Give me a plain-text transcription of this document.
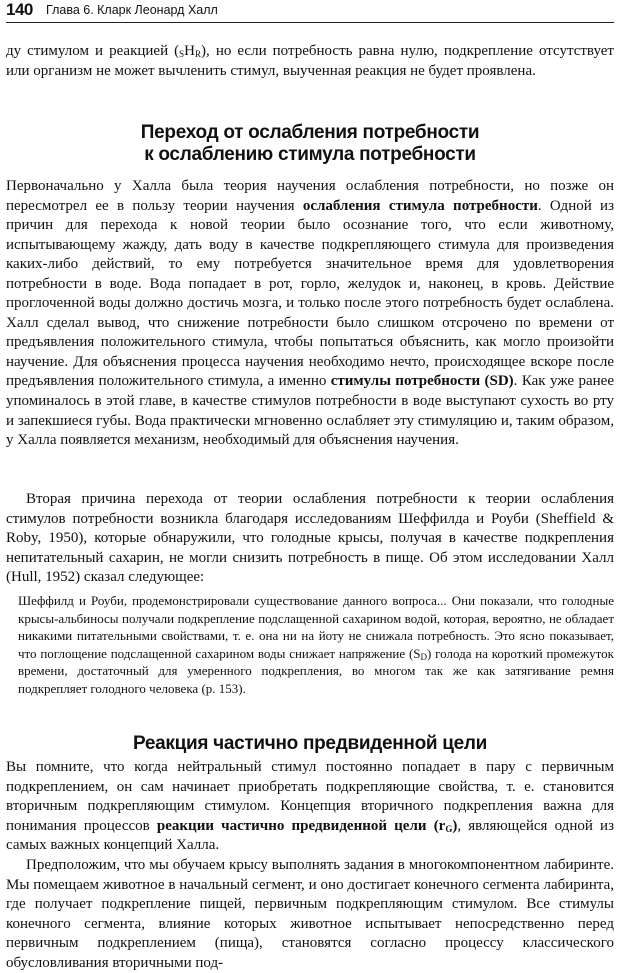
140 Глава 6. Кларк Леонард Халл

ду стимулом и реакцией $(_SH_R)$, но если потребность равна нулю, подкрепление отсутствует или организм не может вычленить стимул, выученная реакция не будет проявлена.

Переход от ослабления потребности
к ослаблению стимула потребности

Первоначально у Халла была теория научения ослабления потребности, но позже он пересмотрел ее в пользу теории научения ослабления стимула потребности. Одной из причин для перехода к новой теории было осознание того, что если животному, испытывающему жажду, дать воду в качестве подкрепляющего стимула для произведения каких-либо действий, то ему потребуется значительное время для удовлетворения потребности в воде. Вода попадает в рот, горло, желудок и, наконец, в кровь. Действие проглоченной воды должно достичь мозга, и только после этого потребность будет ослаблена. Халл сделал вывод, что снижение потребности было слишком отсрочено по времени от предъявления положительного стимула, чтобы попытаться объяснить, как могло произойти научение. Для объяснения процесса научения необходимо нечто, происходящее вскоре после предъявления положительного стимула, а именно стимулы потребности (SD). Как уже ранее упоминалось в этой главе, в качестве стимулов потребности в воде выступают сухость во рту и запекшиеся губы. Вода практически мгновенно ослабляет эту стимуляцию и, таким образом, у Халла появляется механизм, необходимый для объяснения научения.

Вторая причина перехода от теории ослабления потребности к теории ослабления стимулов потребности возникла благодаря исследованиям Шеффилда и Роуби (Sheffield & Roby, 1950), которые обнаружили, что голодные крысы, получая в качестве подкрепления непитательный сахарин, не могли снизить потребность в пище. Об этом исследовании Халл (Hull, 1952) сказал следующее:

Шеффилд и Роуби, продемонстрировали существование данного вопроса... Они показали, что голодные крысы-альбиносы получали подкрепление подслащенной сахарином водой, которая, вероятно, не обладает никакими питательными свойствами, т. е. она ни на йоту не снижала потребность. Это ясно показывает, что поглощение подслащенной сахарином воды снижает напряжение $(S_D)$ голода на короткий промежуток времени, достаточный для умеренного подкрепления, во многом так же как затягивание ремня подкрепляет голодного человека (р. 153).

Реакция частично предвиденной цели

Вы помните, что когда нейтральный стимул постоянно попадает в пару с первичным подкреплением, он сам начинает приобретать подкрепляющие свойства, т. е. становится вторичным подкрепляющим стимулом. Концепция вторичного подкрепления важна для понимания процессов реакции частично предвиденной цели $(r_G)$, являющейся одной из самых важных концепций Халла.

Предположим, что мы обучаем крысу выполнять задания в многокомпонентном лабиринте. Мы помещаем животное в начальный сегмент, и оно достигает конечного сегмента лабиринта, где получает подкрепление пищей, первичным подкрепляющим стимулом. Все стимулы конечного сегмента, влияние которых животное испытывает непосредственно перед первичным подкреплением (пища), становятся согласно процессу классического обусловливания вторичными под-
